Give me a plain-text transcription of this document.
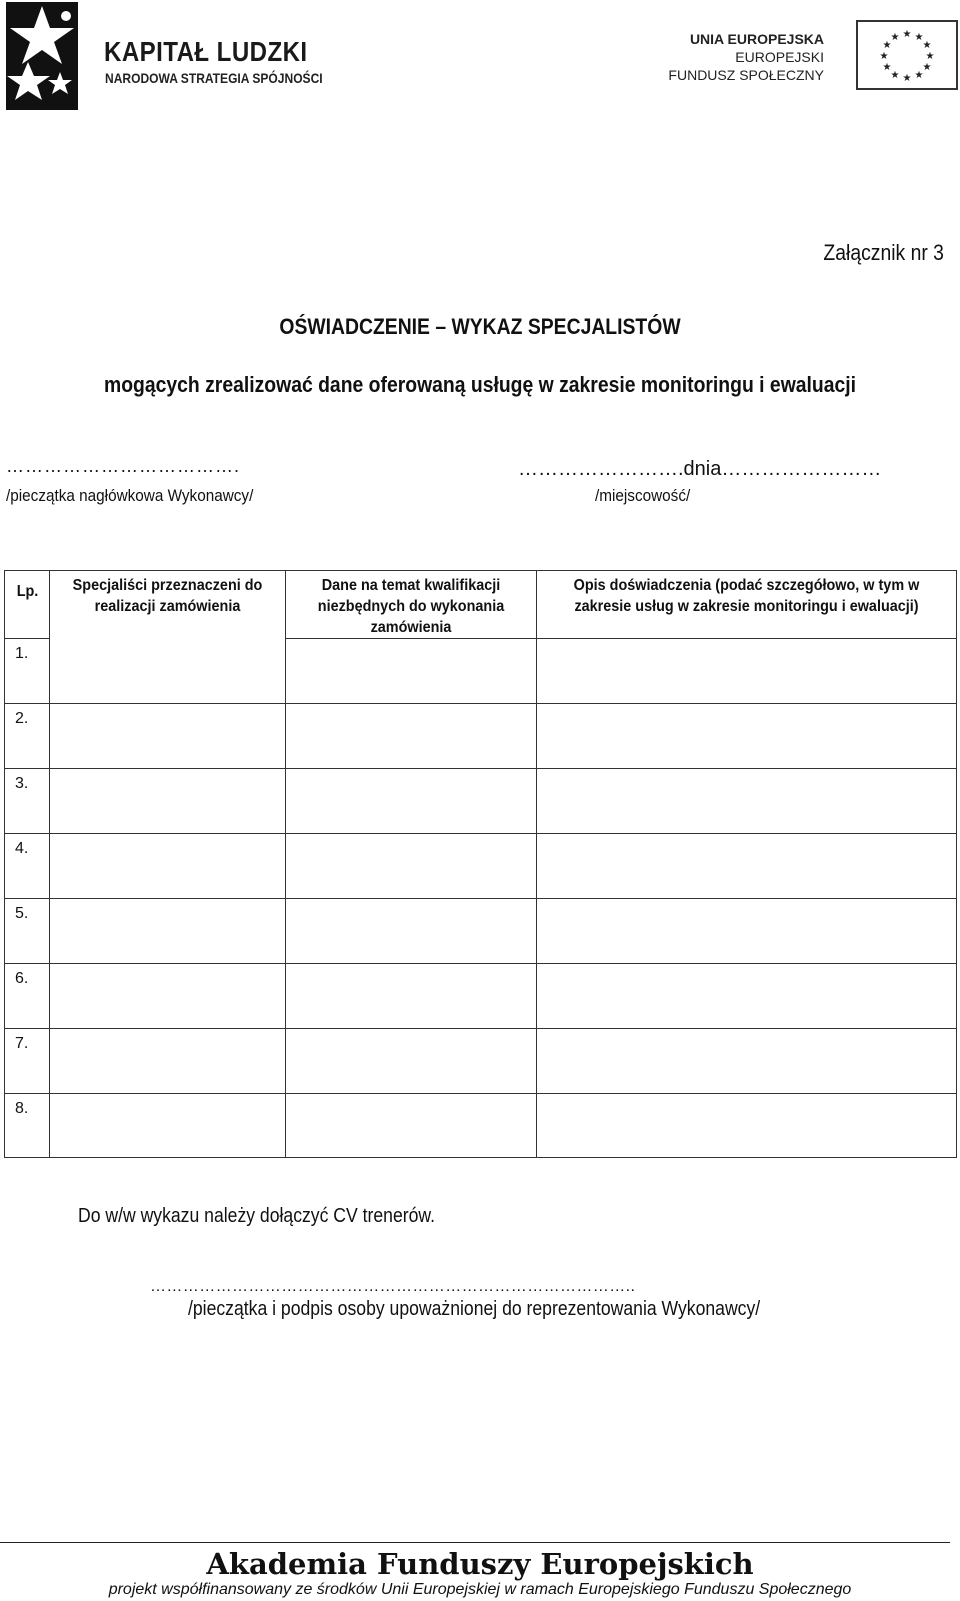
KAPITAŁ LUDZKI
NARODOWA STRATEGIA SPÓJNOŚCI
UNIA EUROPEJSKA
EUROPEJSKI
FUNDUSZ SPOŁECZNY
★ ★
★
★
★
★
★
★
★
★
★
★
Załącznik nr 3
OŚWIADCZENIE – WYKAZ SPECJALISTÓW
mogących zrealizować dane oferowaną usługę w zakresie monitoringu i ewaluacji
……………………………….
/pieczątka nagłówkowa Wykonawcy/
…………………….dnia……………………
/miejscowość/
Lp.	Specjaliści przeznaczeni do realizacji zamówienia	Dane na temat kwalifikacji niezbędnych do wykonania zamówienia	Opis doświadczenia (podać szczegółowo, w tym w zakresie usług w zakresie monitoringu i ewaluacji)

1.			
2.			
3.			
4.			
5.			
6.			
7.			
8.			
Do w/w wykazu należy dołączyć CV trenerów.
……………………………………………………………………………..
/pieczątka i podpis osoby upoważnionej do reprezentowania Wykonawcy/
Akademia Funduszy Europejskich
projekt współfinansowany ze środków Unii Europejskiej w ramach Europejskiego Funduszu Społecznego
